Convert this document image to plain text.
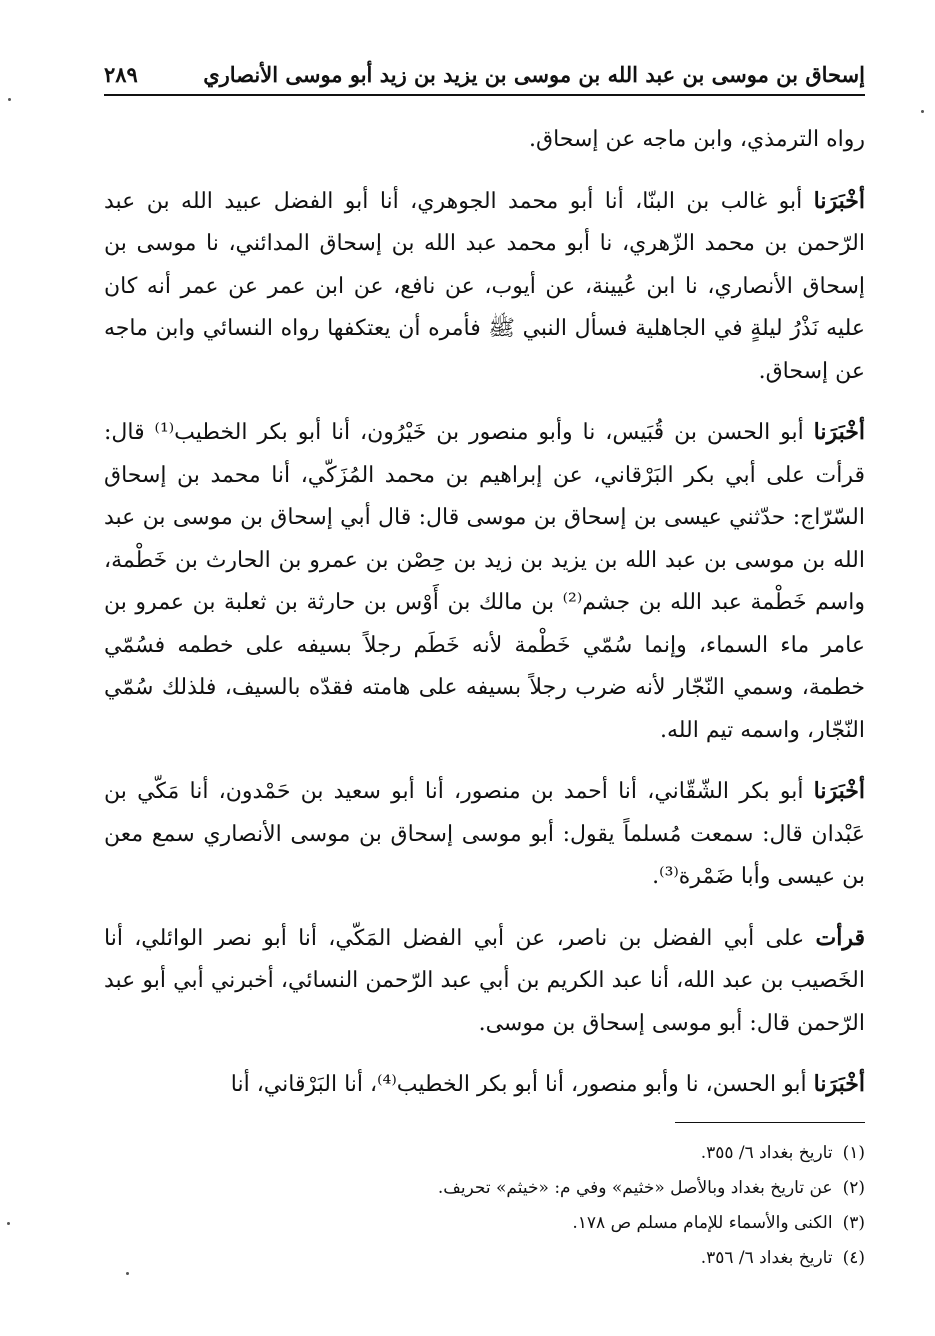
إسحاق بن موسى بن عبد الله بن موسى بن يزيد بن زيد أبو موسى الأنصاري
٢٨٩

رواه الترمذي، وابن ماجه عن إسحاق.

أخْبَرَنا أبو غالب بن البنّا، أنا أبو محمد الجوهري، أنا أبو الفضل عبيد الله بن عبد الرّحمن بن محمد الزّهري، نا أبو محمد عبد الله بن إسحاق المدائني، نا موسى بن إسحاق الأنصاري، نا ابن عُيينة، عن أيوب، عن نافع، عن ابن عمر عن عمر أنه كان عليه نَذْرُ ليلةٍ في الجاهلية فسأل النبي ﷺ فأمره أن يعتكفها رواه النسائي وابن ماجه عن إسحاق.

أخْبَرَنا أبو الحسن بن قُبَيس، نا وأبو منصور بن خَيْرُون، أنا أبو بكر الخطيب⁽¹⁾ قال: قرأت على أبي بكر البَرْقاني، عن إبراهيم بن محمد المُزَكّي، أنا محمد بن إسحاق السّرّاج: حدّثني عيسى بن إسحاق بن موسى قال: قال أبي إسحاق بن موسى بن عبد الله بن موسى بن عبد الله بن يزيد بن زيد بن حِصْن بن عمرو بن الحارث بن خَطْمة، واسم خَطْمة عبد الله بن جشم⁽²⁾ بن مالك بن أَوْس بن حارثة بن ثعلبة بن عمرو بن عامر ماء السماء، وإنما سُمّي خَطْمة لأنه خَطَم رجلاً بسيفه على خطمه فسُمّي خطمة، وسمي النّجّار لأنه ضرب رجلاً بسيفه على هامته فقدّه بالسيف، فلذلك سُمّي النّجّار، واسمه تيم الله.

أخْبَرَنا أبو بكر الشّقّاني، أنا أحمد بن منصور، أنا أبو سعيد بن حَمْدون، أنا مَكّي بن عَبْدان قال: سمعت مُسلماً يقول: أبو موسى إسحاق بن موسى الأنصاري سمع معن بن عيسى وأبا ضَمْرة⁽³⁾.

قرأت على أبي الفضل بن ناصر، عن أبي الفضل المَكّي، أنا أبو نصر الوائلي، أنا الخَصيب بن عبد الله، أنا عبد الكريم بن أبي عبد الرّحمن النسائي، أخبرني أبي أبو عبد الرّحمن قال: أبو موسى إسحاق بن موسى.

أخْبَرَنا أبو الحسن، نا وأبو منصور، أنا أبو بكر الخطيب⁽⁴⁾، أنا البَرْقاني، أنا

(١)تاريخ بغداد ٦/ ٣٥٥.
(٢)عن تاريخ بغداد وبالأصل «خثيم» وفي م: «خيثم» تحريف.
(٣)الكنى والأسماء للإمام مسلم ص ١٧٨.
(٤)تاريخ بغداد ٦/ ٣٥٦.
